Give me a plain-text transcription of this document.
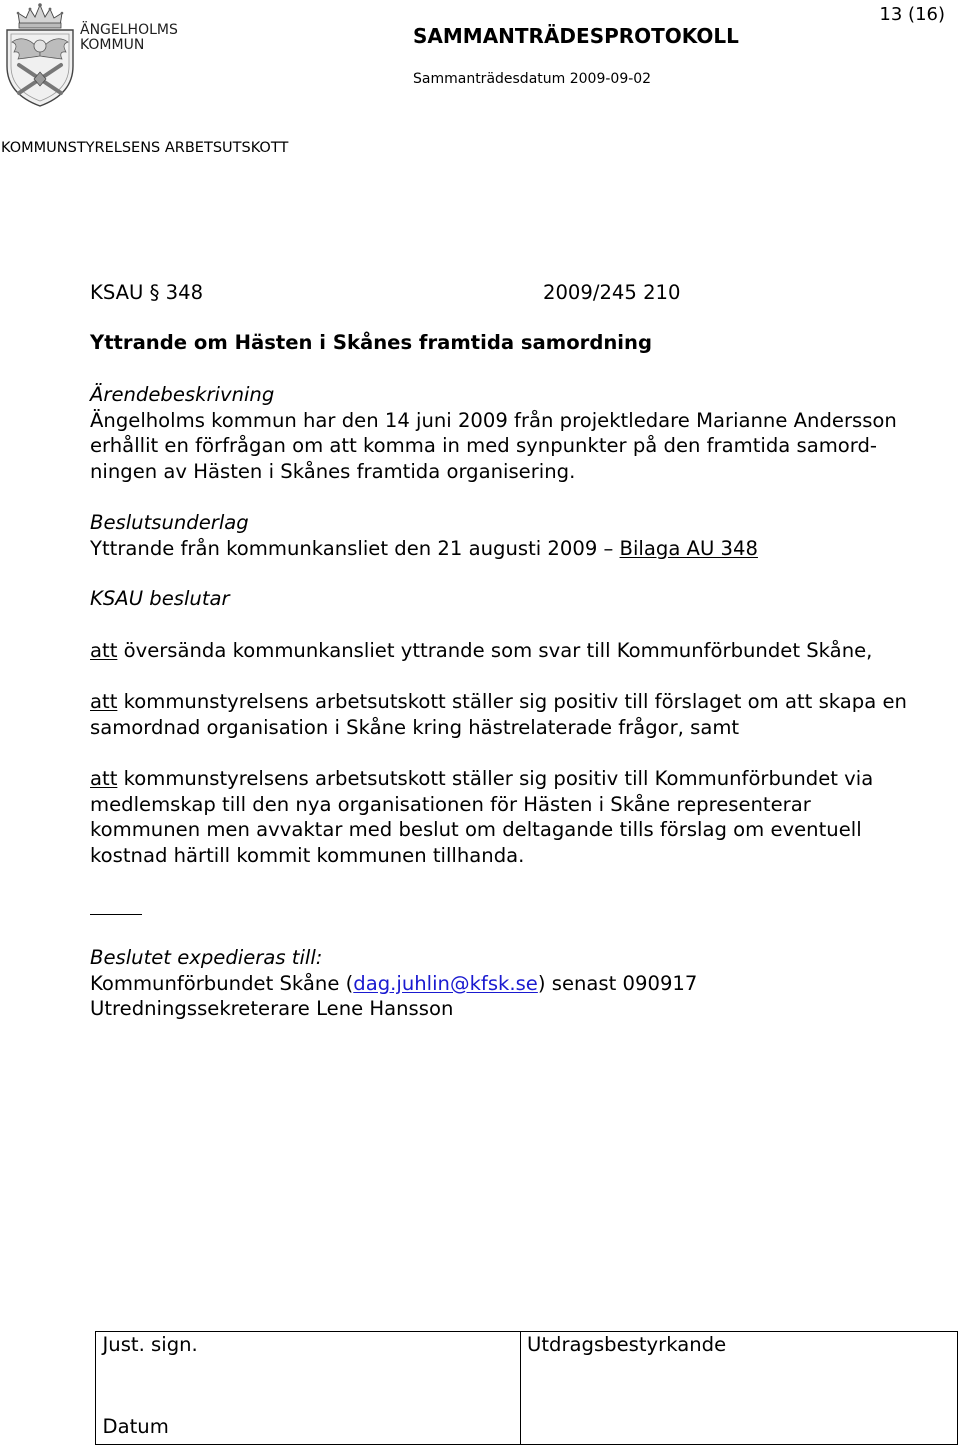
ÄNGELHOLMS
KOMMUN	SAMMANTRÄDESPROTOKOLL
Sammanträdesdatum 2009-09-02
13 (16)
KOMMUNSTYRELSENS ARBETSUTSKOTT
KSAU § 348	2009/245 210
Yttrande om Hästen i Skånes framtida samordning
Ärendebeskrivning
Ängelholms kommun har den 14 juni 2009 från projektledare Marianne Andersson
erhållit en förfrågan om att komma in med synpunkter på den framtida samord-
ningen av Hästen i Skånes framtida organisering.
Beslutsunderlag
Yttrande från kommunkansliet den 21 augusti 2009 – Bilaga AU 348
KSAU beslutar
att översända kommunkansliet yttrande som svar till Kommunförbundet Skåne,
att kommunstyrelsens arbetsutskott ställer sig positiv till förslaget om att skapa en
samordnad organisation i Skåne kring hästrelaterade frågor, samt
att kommunstyrelsens arbetsutskott ställer sig positiv till Kommunförbundet via
medlemskap till den nya organisationen för Hästen i Skåne representerar
kommunen men avvaktar med beslut om deltagande tills förslag om eventuell
kostnad härtill kommit kommunen tillhanda.
Beslutet expedieras till:
Kommunförbundet Skåne (dag.juhlin@kfsk.se) senast 090917
Utredningssekreterare Lene Hansson
Just. sign.	Utdragsbestyrkande
Datum
